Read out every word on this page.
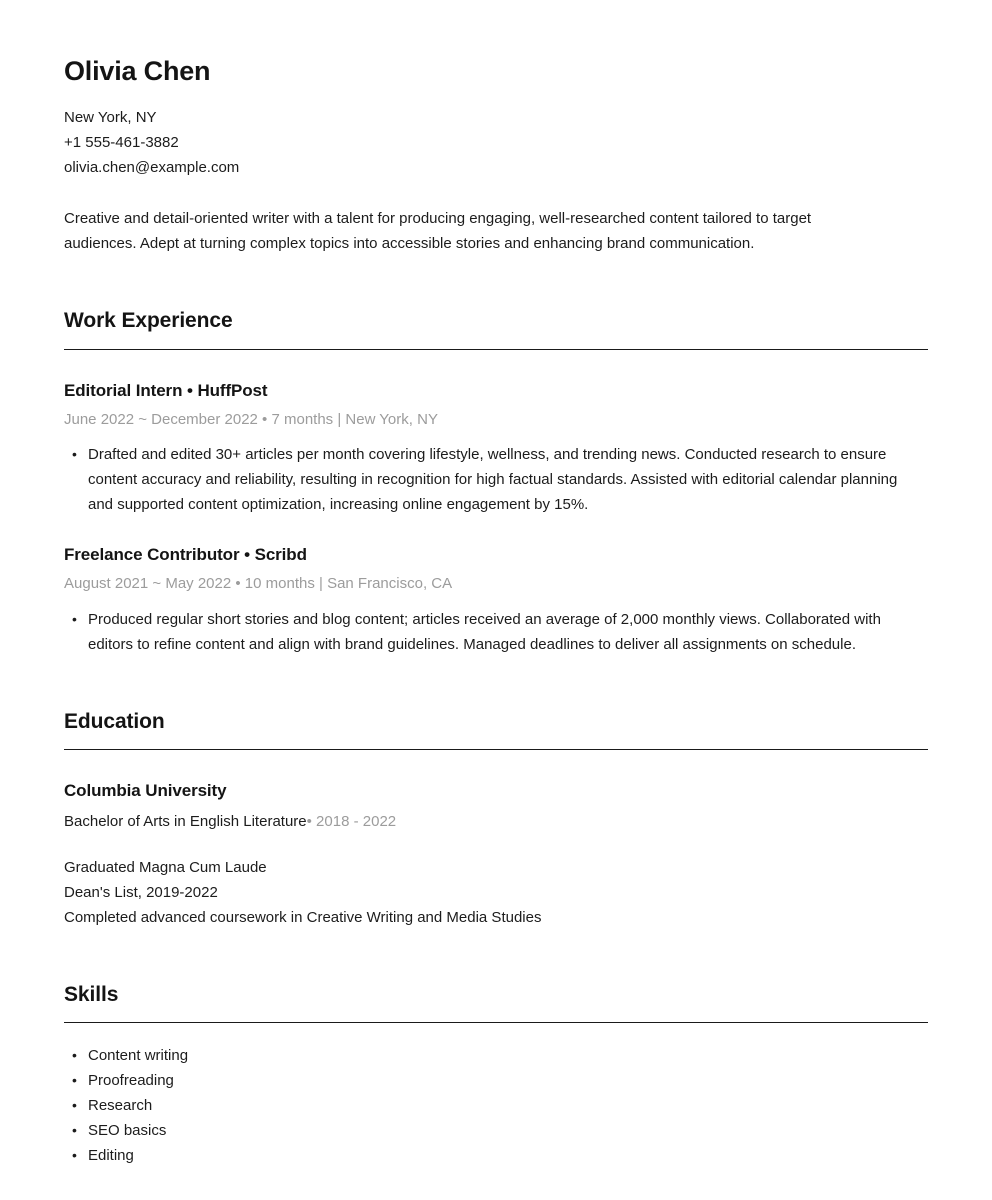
Olivia Chen
New York, NY
+1 555-461-3882
olivia.chen@example.com

Creative and detail-oriented writer with a talent for producing engaging, well-researched content tailored to target audiences. Adept at turning complex topics into accessible stories and enhancing brand communication.

Work Experience
Editorial Intern • HuffPost
June 2022 ~ December 2022 • 7 months | New York, NY
• Drafted and edited 30+ articles per month covering lifestyle, wellness, and trending news. Conducted research to ensure content accuracy and reliability, resulting in recognition for high factual standards. Assisted with editorial calendar planning and supported content optimization, increasing online engagement by 15%.
Freelance Contributor • Scribd
August 2021 ~ May 2022 • 10 months | San Francisco, CA
• Produced regular short stories and blog content; articles received an average of 2,000 monthly views. Collaborated with editors to refine content and align with brand guidelines. Managed deadlines to deliver all assignments on schedule.
Education
Columbia University
Bachelor of Arts in English Literature• 2018 - 2022
Graduated Magna Cum Laude
Dean's List, 2019-2022
Completed advanced coursework in Creative Writing and Media Studies
Skills
• Content writing
• Proofreading
• Research
• SEO basics
• Editing
